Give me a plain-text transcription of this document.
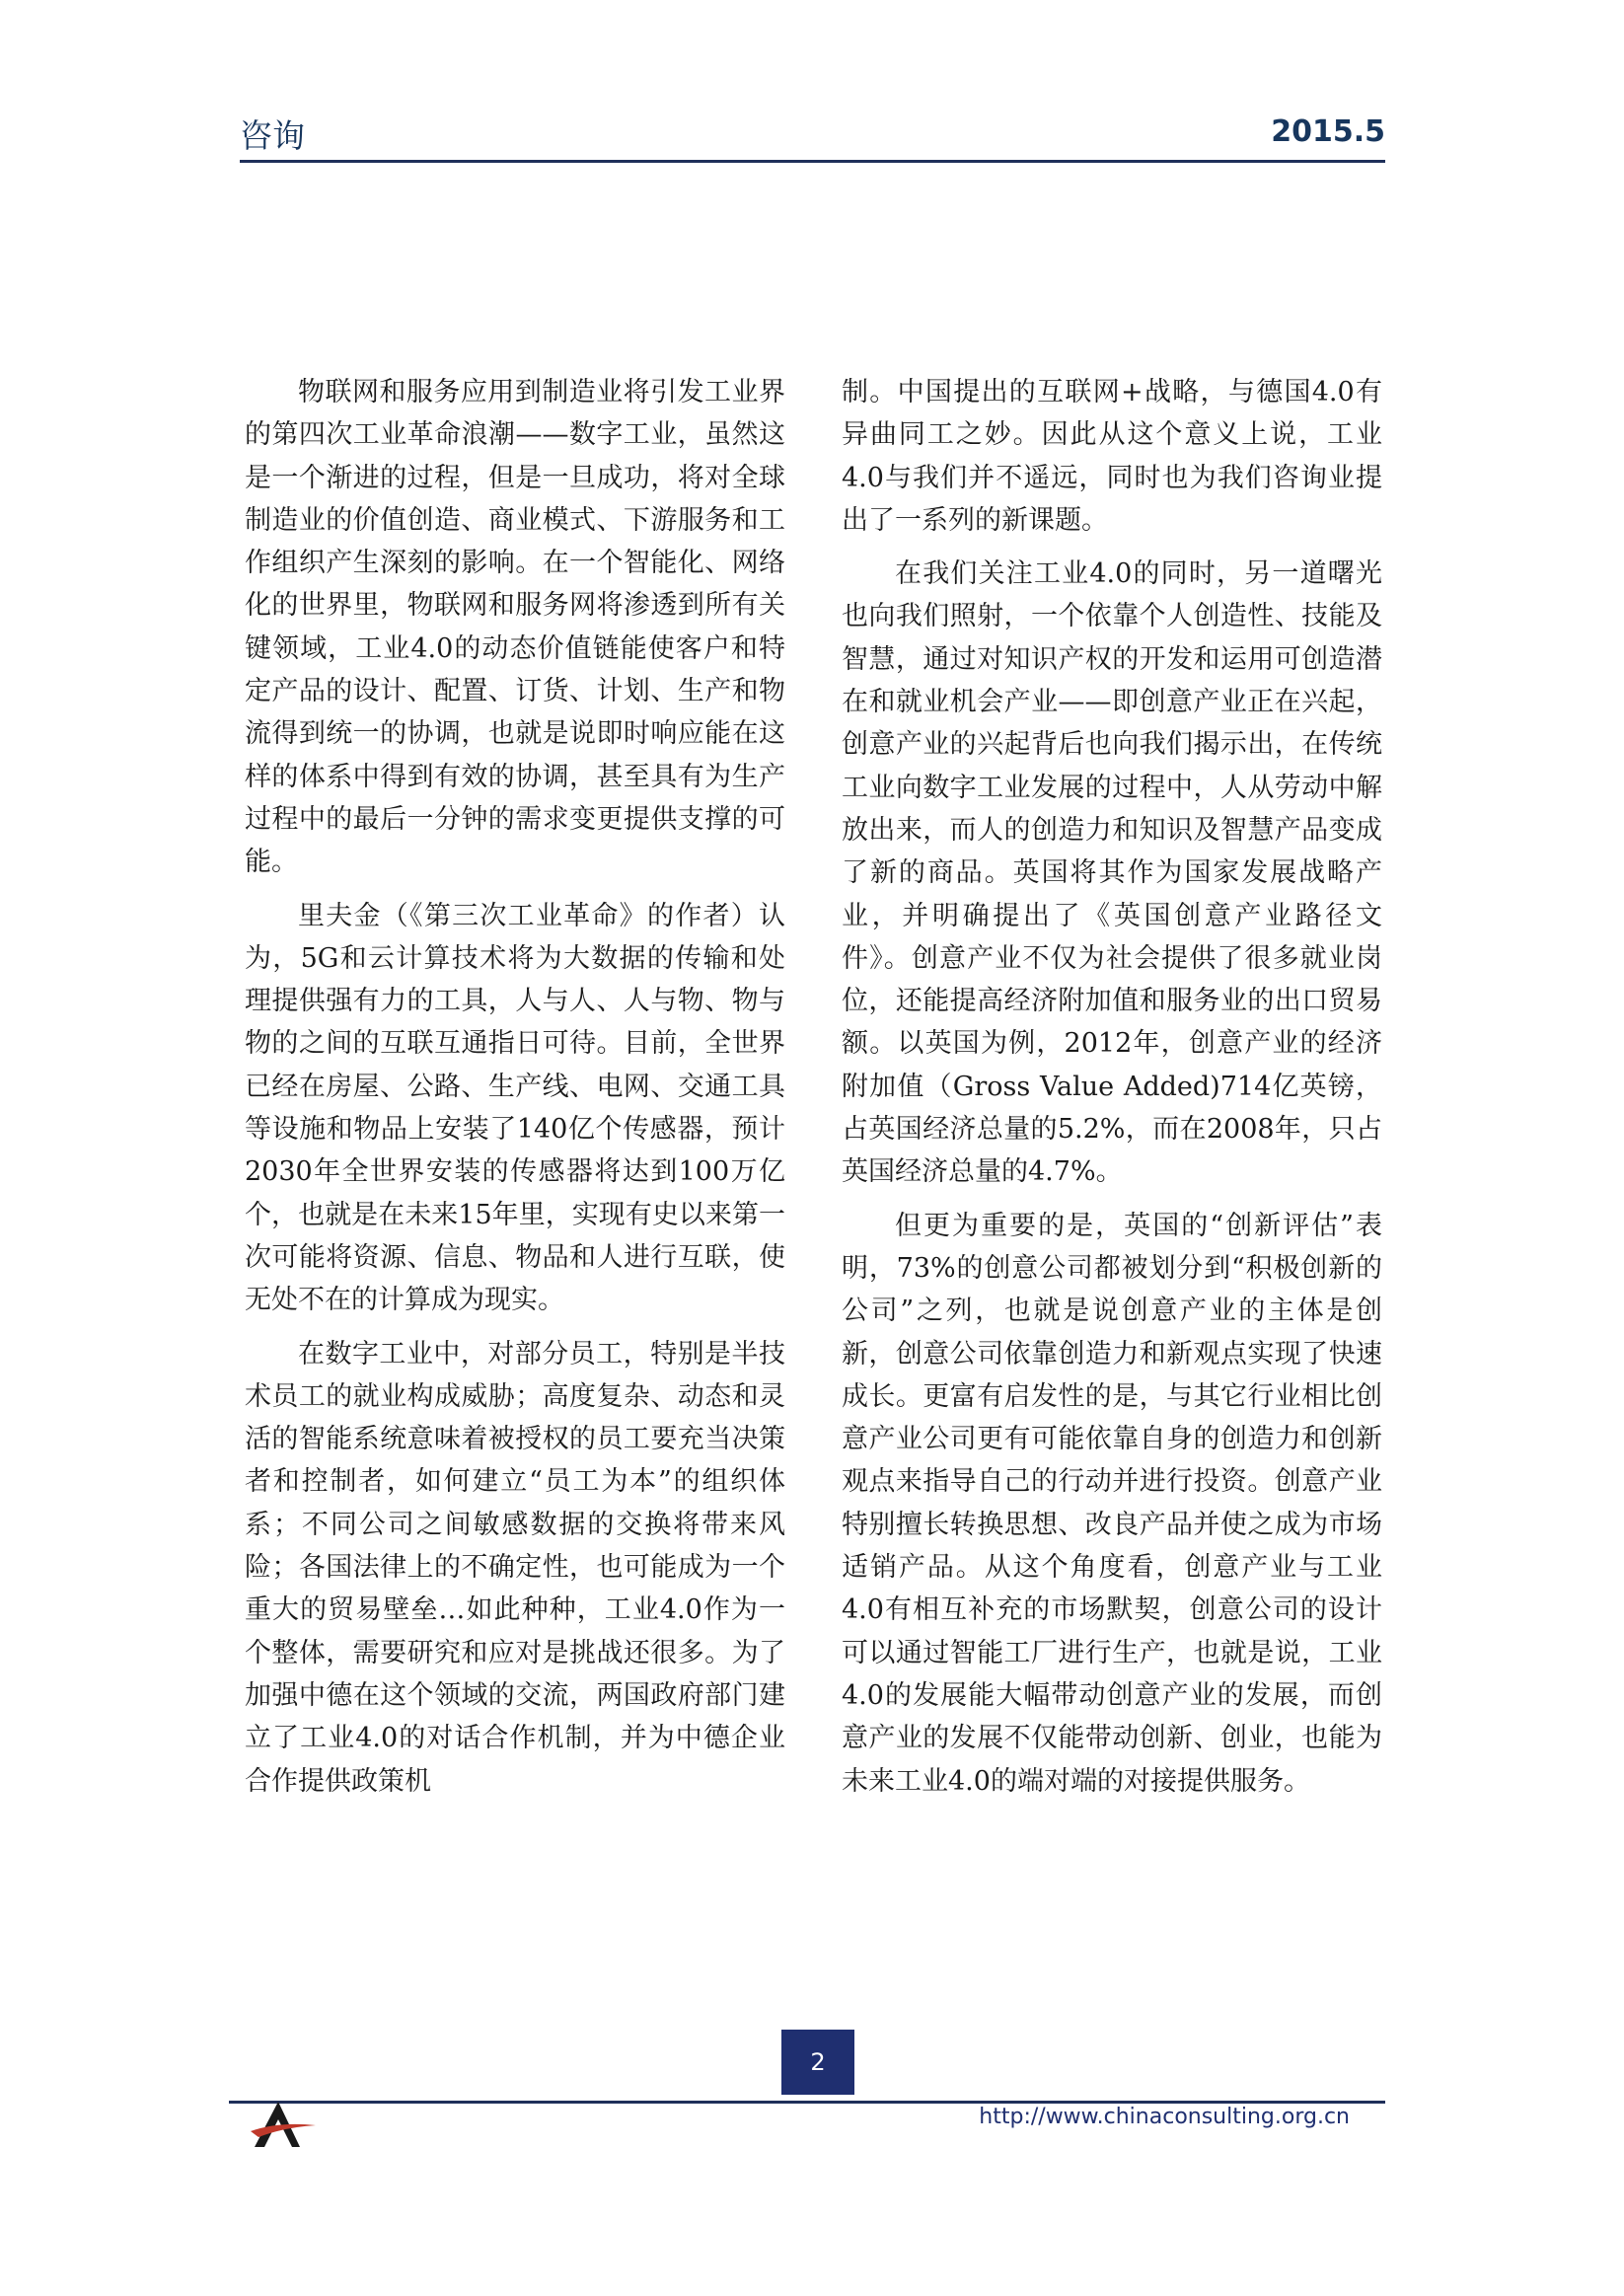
咨询	2015.5

物联网和服务应用到制造业将引发工业界的第四次工业革命浪潮——数字工业，虽然这是一个渐进的过程，但是一旦成功，将对全球制造业的价值创造、商业模式、下游服务和工作组织产生深刻的影响。在一个智能化、网络化的世界里，物联网和服务网将渗透到所有关键领域，工业4.0的动态价值链能使客户和特定产品的设计、配置、订货、计划、生产和物流得到统一的协调，也就是说即时响应能在这样的体系中得到有效的协调，甚至具有为生产过程中的最后一分钟的需求变更提供支撑的可能。

里夫金（《第三次工业革命》的作者）认为，5G和云计算技术将为大数据的传输和处理提供强有力的工具，人与人、人与物、物与物的之间的互联互通指日可待。目前，全世界已经在房屋、公路、生产线、电网、交通工具等设施和物品上安装了140亿个传感器，预计2030年全世界安装的传感器将达到100万亿个，也就是在未来15年里，实现有史以来第一次可能将资源、信息、物品和人进行互联，使无处不在的计算成为现实。

在数字工业中，对部分员工，特别是半技术员工的就业构成威胁；高度复杂、动态和灵活的智能系统意味着被授权的员工要充当决策者和控制者，如何建立“员工为本”的组织体系；不同公司之间敏感数据的交换将带来风险；各国法律上的不确定性，也可能成为一个重大的贸易壁垒…如此种种，工业4.0作为一个整体，需要研究和应对是挑战还很多。为了加强中德在这个领域的交流，两国政府部门建立了工业4.0的对话合作机制，并为中德企业合作提供政策机

制。中国提出的互联网+战略，与德国4.0有异曲同工之妙。因此从这个意义上说，工业4.0与我们并不遥远，同时也为我们咨询业提出了一系列的新课题。

在我们关注工业4.0的同时，另一道曙光也向我们照射，一个依靠个人创造性、技能及智慧，通过对知识产权的开发和运用可创造潜在和就业机会产业——即创意产业正在兴起，创意产业的兴起背后也向我们揭示出，在传统工业向数字工业发展的过程中，人从劳动中解放出来，而人的创造力和知识及智慧产品变成了新的商品。英国将其作为国家发展战略产业，并明确提出了《英国创意产业路径文件》。创意产业不仅为社会提供了很多就业岗位，还能提高经济附加值和服务业的出口贸易额。以英国为例，2012年，创意产业的经济附加值（Gross Value Added)714亿英镑，占英国经济总量的5.2%，而在2008年，只占英国经济总量的4.7%。

但更为重要的是，英国的“创新评估”表明，73%的创意公司都被划分到“积极创新的公司”之列，也就是说创意产业的主体是创新，创意公司依靠创造力和新观点实现了快速成长。更富有启发性的是，与其它行业相比创意产业公司更有可能依靠自身的创造力和创新观点来指导自己的行动并进行投资。创意产业特别擅长转换思想、改良产品并使之成为市场适销产品。从这个角度看，创意产业与工业4.0有相互补充的市场默契，创意公司的设计可以通过智能工厂进行生产，也就是说，工业4.0的发展能大幅带动创意产业的发展，而创意产业的发展不仅能带动创新、创业，也能为未来工业4.0的端对端的对接提供服务。

2
http://www.chinaconsulting.org.cn
